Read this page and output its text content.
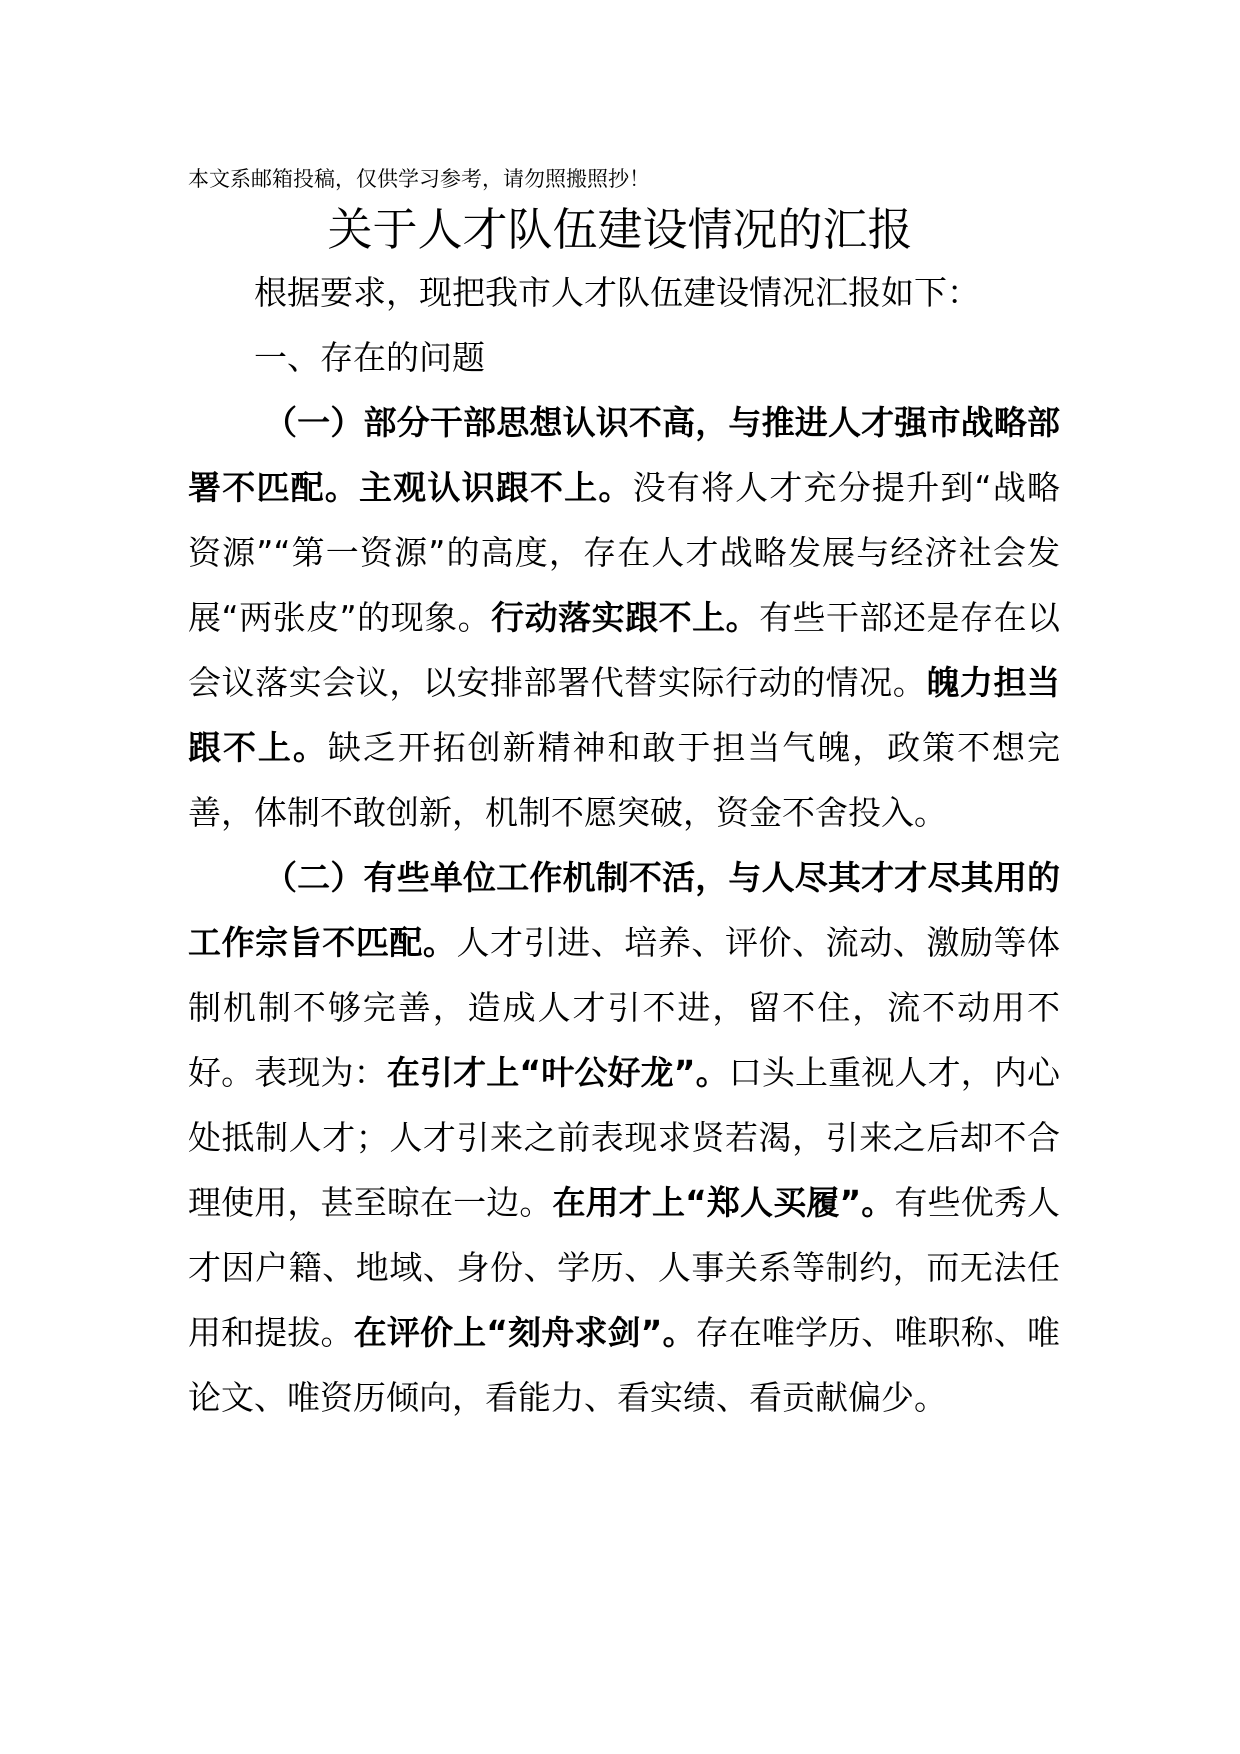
本文系邮箱投稿，仅供学习参考，请勿照搬照抄！
关于人才队伍建设情况的汇报

根据要求，现把我市人才队伍建设情况汇报如下：

一、存在的问题

（一）部分干部思想认识不高，与推进人才强市战略部署不匹配。主观认识跟不上。没有将人才充分提升到“战略资源”“第一资源”的高度，存在人才战略发展与经济社会发展“两张皮”的现象。行动落实跟不上。有些干部还是存在以会议落实会议，以安排部署代替实际行动的情况。魄力担当跟不上。缺乏开拓创新精神和敢于担当气魄，政策不想完善，体制不敢创新，机制不愿突破，资金不舍投入。

（二）有些单位工作机制不活，与人尽其才才尽其用的工作宗旨不匹配。人才引进、培养、评价、流动、激励等体制机制不够完善，造成人才引不进，留不住，流不动用不好。表现为：在引才上“叶公好龙”。口头上重视人才，内心处抵制人才；人才引来之前表现求贤若渴，引来之后却不合理使用，甚至晾在一边。在用才上“郑人买履”。有些优秀人才因户籍、地域、身份、学历、人事关系等制约，而无法任用和提拔。在评价上“刻舟求剑”。存在唯学历、唯职称、唯论文、唯资历倾向，看能力、看实绩、看贡献偏少。
